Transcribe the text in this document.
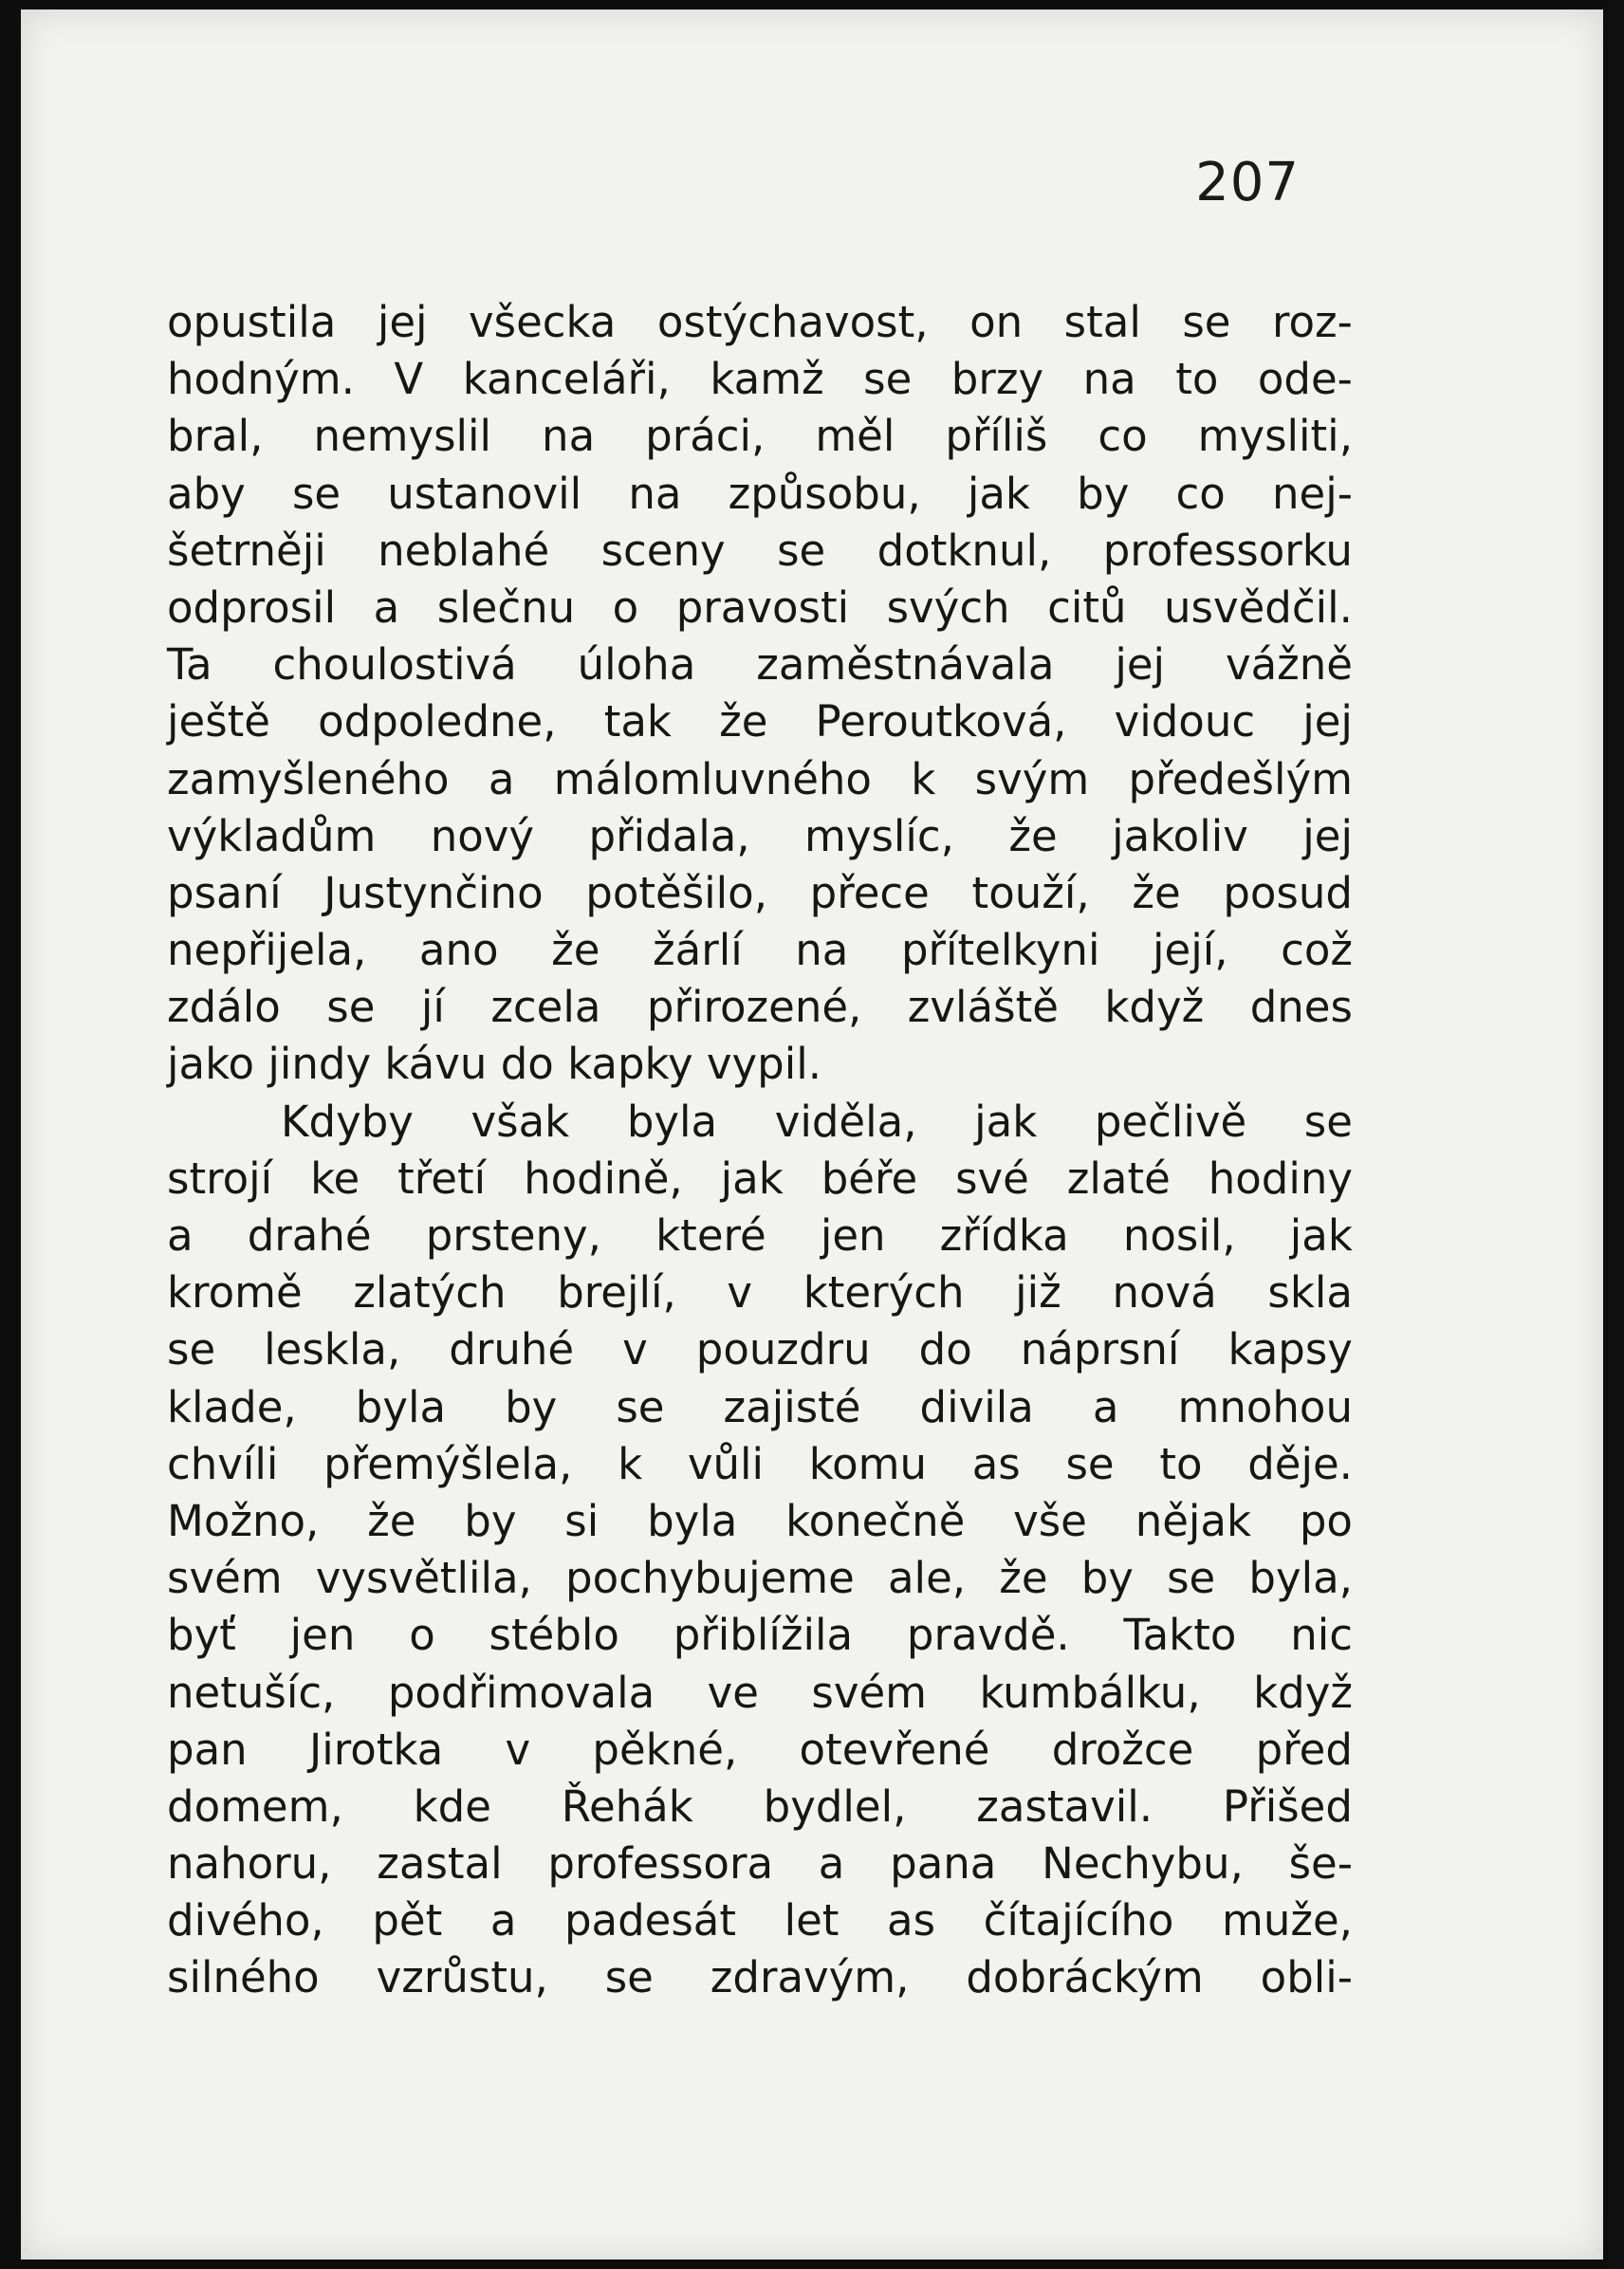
207
opustila jej všecka ostýchavost, on stal se roz-
hodným. V kanceláři, kamž se brzy na to ode-
bral, nemyslil na práci, měl příliš co mysliti,
aby se ustanovil na způsobu, jak by co nej-
šetrněji neblahé sceny se dotknul, professorku
odprosil a slečnu o pravosti svých citů usvědčil.
Ta choulostivá úloha zaměstnávala jej vážně
ještě odpoledne, tak že Peroutková, vidouc jej
zamyšleného a málomluvného k svým předešlým
výkladům nový přidala, myslíc, že jakoliv jej
psaní Justynčino potěšilo, přece touží, že posud
nepřijela, ano že žárlí na přítelkyni její, což
zdálo se jí zcela přirozené, zvláště když dnes
jako jindy kávu do kapky vypil.
Kdyby však byla viděla, jak pečlivě se
strojí ke třetí hodině, jak béře své zlaté hodiny
a drahé prsteny, které jen zřídka nosil, jak
kromě zlatých brejlí, v kterých již nová skla
se leskla, druhé v pouzdru do náprsní kapsy
klade, byla by se zajisté divila a mnohou
chvíli přemýšlela, k vůli komu as se to děje.
Možno, že by si byla konečně vše nějak po
svém vysvětlila, pochybujeme ale, že by se byla,
byť jen o stéblo přiblížila pravdě. Takto nic
netušíc, podřimovala ve svém kumbálku, když
pan Jirotka v pěkné, otevřené drožce před
domem, kde Řehák bydlel, zastavil. Přišed
nahoru, zastal professora a pana Nechybu, še-
divého, pět a padesát let as čítajícího muže,
silného vzrůstu, se zdravým, dobráckým obli-
